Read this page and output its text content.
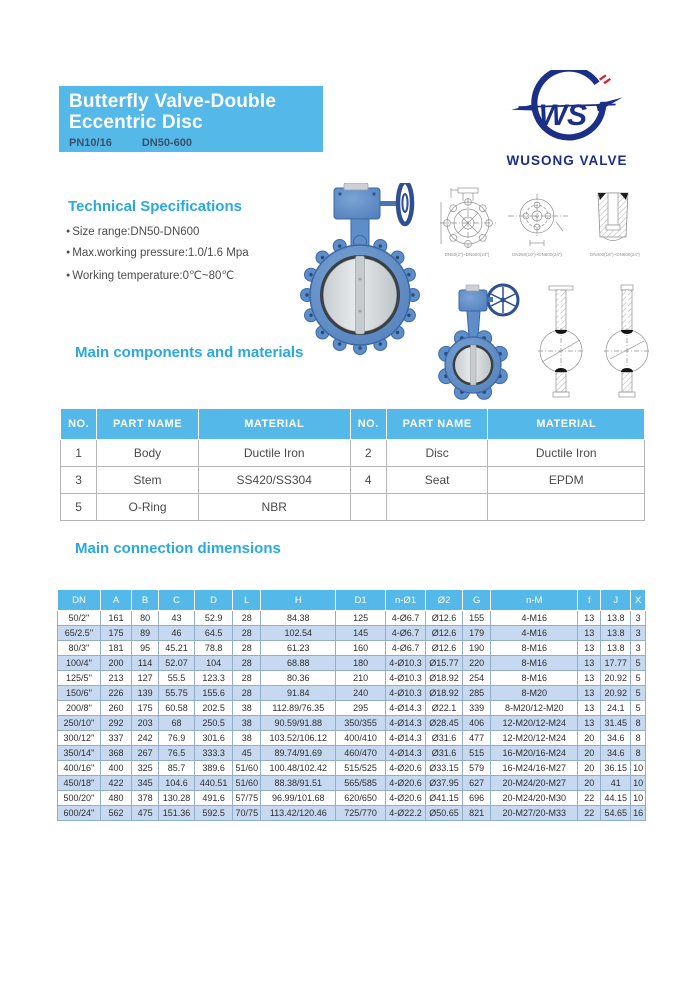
Butterfly Valve-Double
Eccentric Disc
PN10/16	DN50-600
WS
WUSONG VALVE
Technical Specifications
● Size range:DN50-DN600
● Max.working pressure:1.0/1.6 Mpa
● Working temperature:0℃~80℃
DN50(2")~DN600(24")	DN250(10")~DN600(24")	DN400(16")~DN600(24")
Main components and materials
NO.	PART NAME	MATERIAL	NO.	PART NAME	MATERIAL
1	Body	Ductile Iron	2	Disc	Ductile Iron
3	Stem	SS420/SS304	4	Seat	EPDM
5	O-Ring	NBR			
Main connection dimensions
DN	A	B	C	D	L	H	D1	n-Ø1	Ø2	G	n-M	f	J	X
50/2''	161	80	43	52.9	28	84.38	125	4-Ø6.7	Ø12.6	155	4-M16	13	13.8	3
65/2.5''	175	89	46	64.5	28	102.54	145	4-Ø6.7	Ø12.6	179	4-M16	13	13.8	3
80/3''	181	95	45.21	78.8	28	61.23	160	4-Ø6.7	Ø12.6	190	8-M16	13	13.8	3
100/4''	200	114	52.07	104	28	68.88	180	4-Ø10.3	Ø15.77	220	8-M16	13	17.77	5
125/5''	213	127	55.5	123.3	28	80.36	210	4-Ø10.3	Ø18.92	254	8-M16	13	20.92	5
150/6''	226	139	55.75	155.6	28	91.84	240	4-Ø10.3	Ø18.92	285	8-M20	13	20.92	5
200/8''	260	175	60.58	202.5	38	112.89/76.35	295	4-Ø14.3	Ø22.1	339	8-M20/12-M20	13	24.1	5
250/10''	292	203	68	250.5	38	90.59/91.88	350/355	4-Ø14.3	Ø28.45	406	12-M20/12-M24	13	31.45	8
300/12''	337	242	76.9	301.6	38	103.52/106.12	400/410	4-Ø14.3	Ø31.6	477	12-M20/12-M24	20	34.6	8
350/14''	368	267	76.5	333.3	45	89.74/91.69	460/470	4-Ø14.3	Ø31.6	515	16-M20/16-M24	20	34.6	8
400/16''	400	325	85.7	389.6	51/60	100.48/102.42	515/525	4-Ø20.6	Ø33.15	579	16-M24/16-M27	20	36.15	10
450/18''	422	345	104.6	440.51	51/60	88.38/91.51	565/585	4-Ø20.6	Ø37.95	627	20-M24/20-M27	20	41	10
500/20''	480	378	130.28	491.6	57/75	96.99/101.68	620/650	4-Ø20.6	Ø41.15	696	20-M24/20-M30	22	44.15	10
600/24''	562	475	151.36	592.5	70/75	113.42/120.46	725/770	4-Ø22.2	Ø50.65	821	20-M27/20-M33	22	54.65	16
